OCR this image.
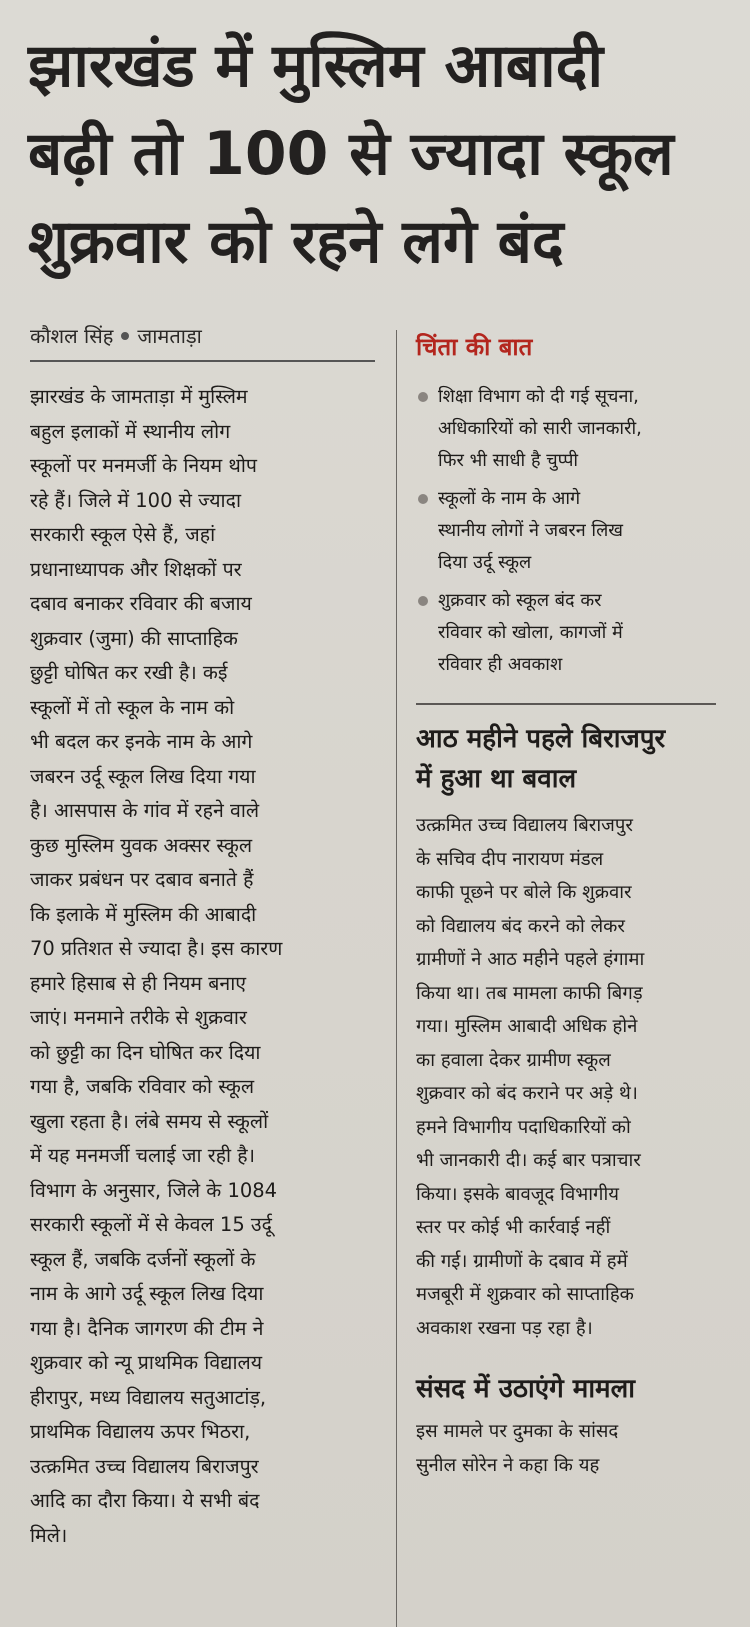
झारखंड में मुस्लिम आबादी
बढ़ी तो 100 से ज्यादा स्कूल
शुक्रवार को रहने लगे बंद
कौशल सिंह जामताड़ा
झारखंड के जामताड़ा में मुस्लिम
बहुल इलाकों में स्थानीय लोग
स्कूलों पर मनमर्जी के नियम थोप
रहे हैं। जिले में 100 से ज्यादा
सरकारी स्कूल ऐसे हैं, जहां
प्रधानाध्यापक और शिक्षकों पर
दबाव बनाकर रविवार की बजाय
शुक्रवार (जुमा) की साप्ताहिक
छुट्टी घोषित कर रखी है। कई
स्कूलों में तो स्कूल के नाम को
भी बदल कर इनके नाम के आगे
जबरन उर्दू स्कूल लिख दिया गया
है। आसपास के गांव में रहने वाले
कुछ मुस्लिम युवक अक्सर स्कूल
जाकर प्रबंधन पर दबाव बनाते हैं
कि इलाके में मुस्लिम की आबादी
70 प्रतिशत से ज्यादा है। इस कारण
हमारे हिसाब से ही नियम बनाए
जाएं। मनमाने तरीके से शुक्रवार
को छुट्टी का दिन घोषित कर दिया
गया है, जबकि रविवार को स्कूल
खुला रहता है। लंबे समय से स्कूलों
में यह मनमर्जी चलाई जा रही है।
विभाग के अनुसार, जिले के 1084
सरकारी स्कूलों में से केवल 15 उर्दू
स्कूल हैं, जबकि दर्जनों स्कूलों के
नाम के आगे उर्दू स्कूल लिख दिया
गया है। दैनिक जागरण की टीम ने
शुक्रवार को न्यू प्राथमिक विद्यालय
हीरापुर, मध्य विद्यालय सतुआटांड़,
प्राथमिक विद्यालय ऊपर भिठरा,
उत्क्रमित उच्च विद्यालय बिराजपुर
आदि का दौरा किया। ये सभी बंद
मिले।
चिंता की बात
शिक्षा विभाग को दी गई सूचना,
अधिकारियों को सारी जानकारी,
फिर भी साधी है चुप्पी
स्कूलों के नाम के आगे
स्थानीय लोगों ने जबरन लिख
दिया उर्दू स्कूल
शुक्रवार को स्कूल बंद कर
रविवार को खोला, कागजों में
रविवार ही अवकाश
आठ महीने पहले बिराजपुर
में हुआ था बवाल
उत्क्रमित उच्च विद्यालय बिराजपुर
के सचिव दीप नारायण मंडल
काफी पूछने पर बोले कि शुक्रवार
को विद्यालय बंद करने को लेकर
ग्रामीणों ने आठ महीने पहले हंगामा
किया था। तब मामला काफी बिगड़
गया। मुस्लिम आबादी अधिक होने
का हवाला देकर ग्रामीण स्कूल
शुक्रवार को बंद कराने पर अड़े थे।
हमने विभागीय पदाधिकारियों को
भी जानकारी दी। कई बार पत्राचार
किया। इसके बावजूद विभागीय
स्तर पर कोई भी कार्रवाई नहीं
की गई। ग्रामीणों के दबाव में हमें
मजबूरी में शुक्रवार को साप्ताहिक
अवकाश रखना पड़ रहा है।
संसद में उठाएंगे मामला
इस मामले पर दुमका के सांसद
सुनील सोरेन ने कहा कि यह
